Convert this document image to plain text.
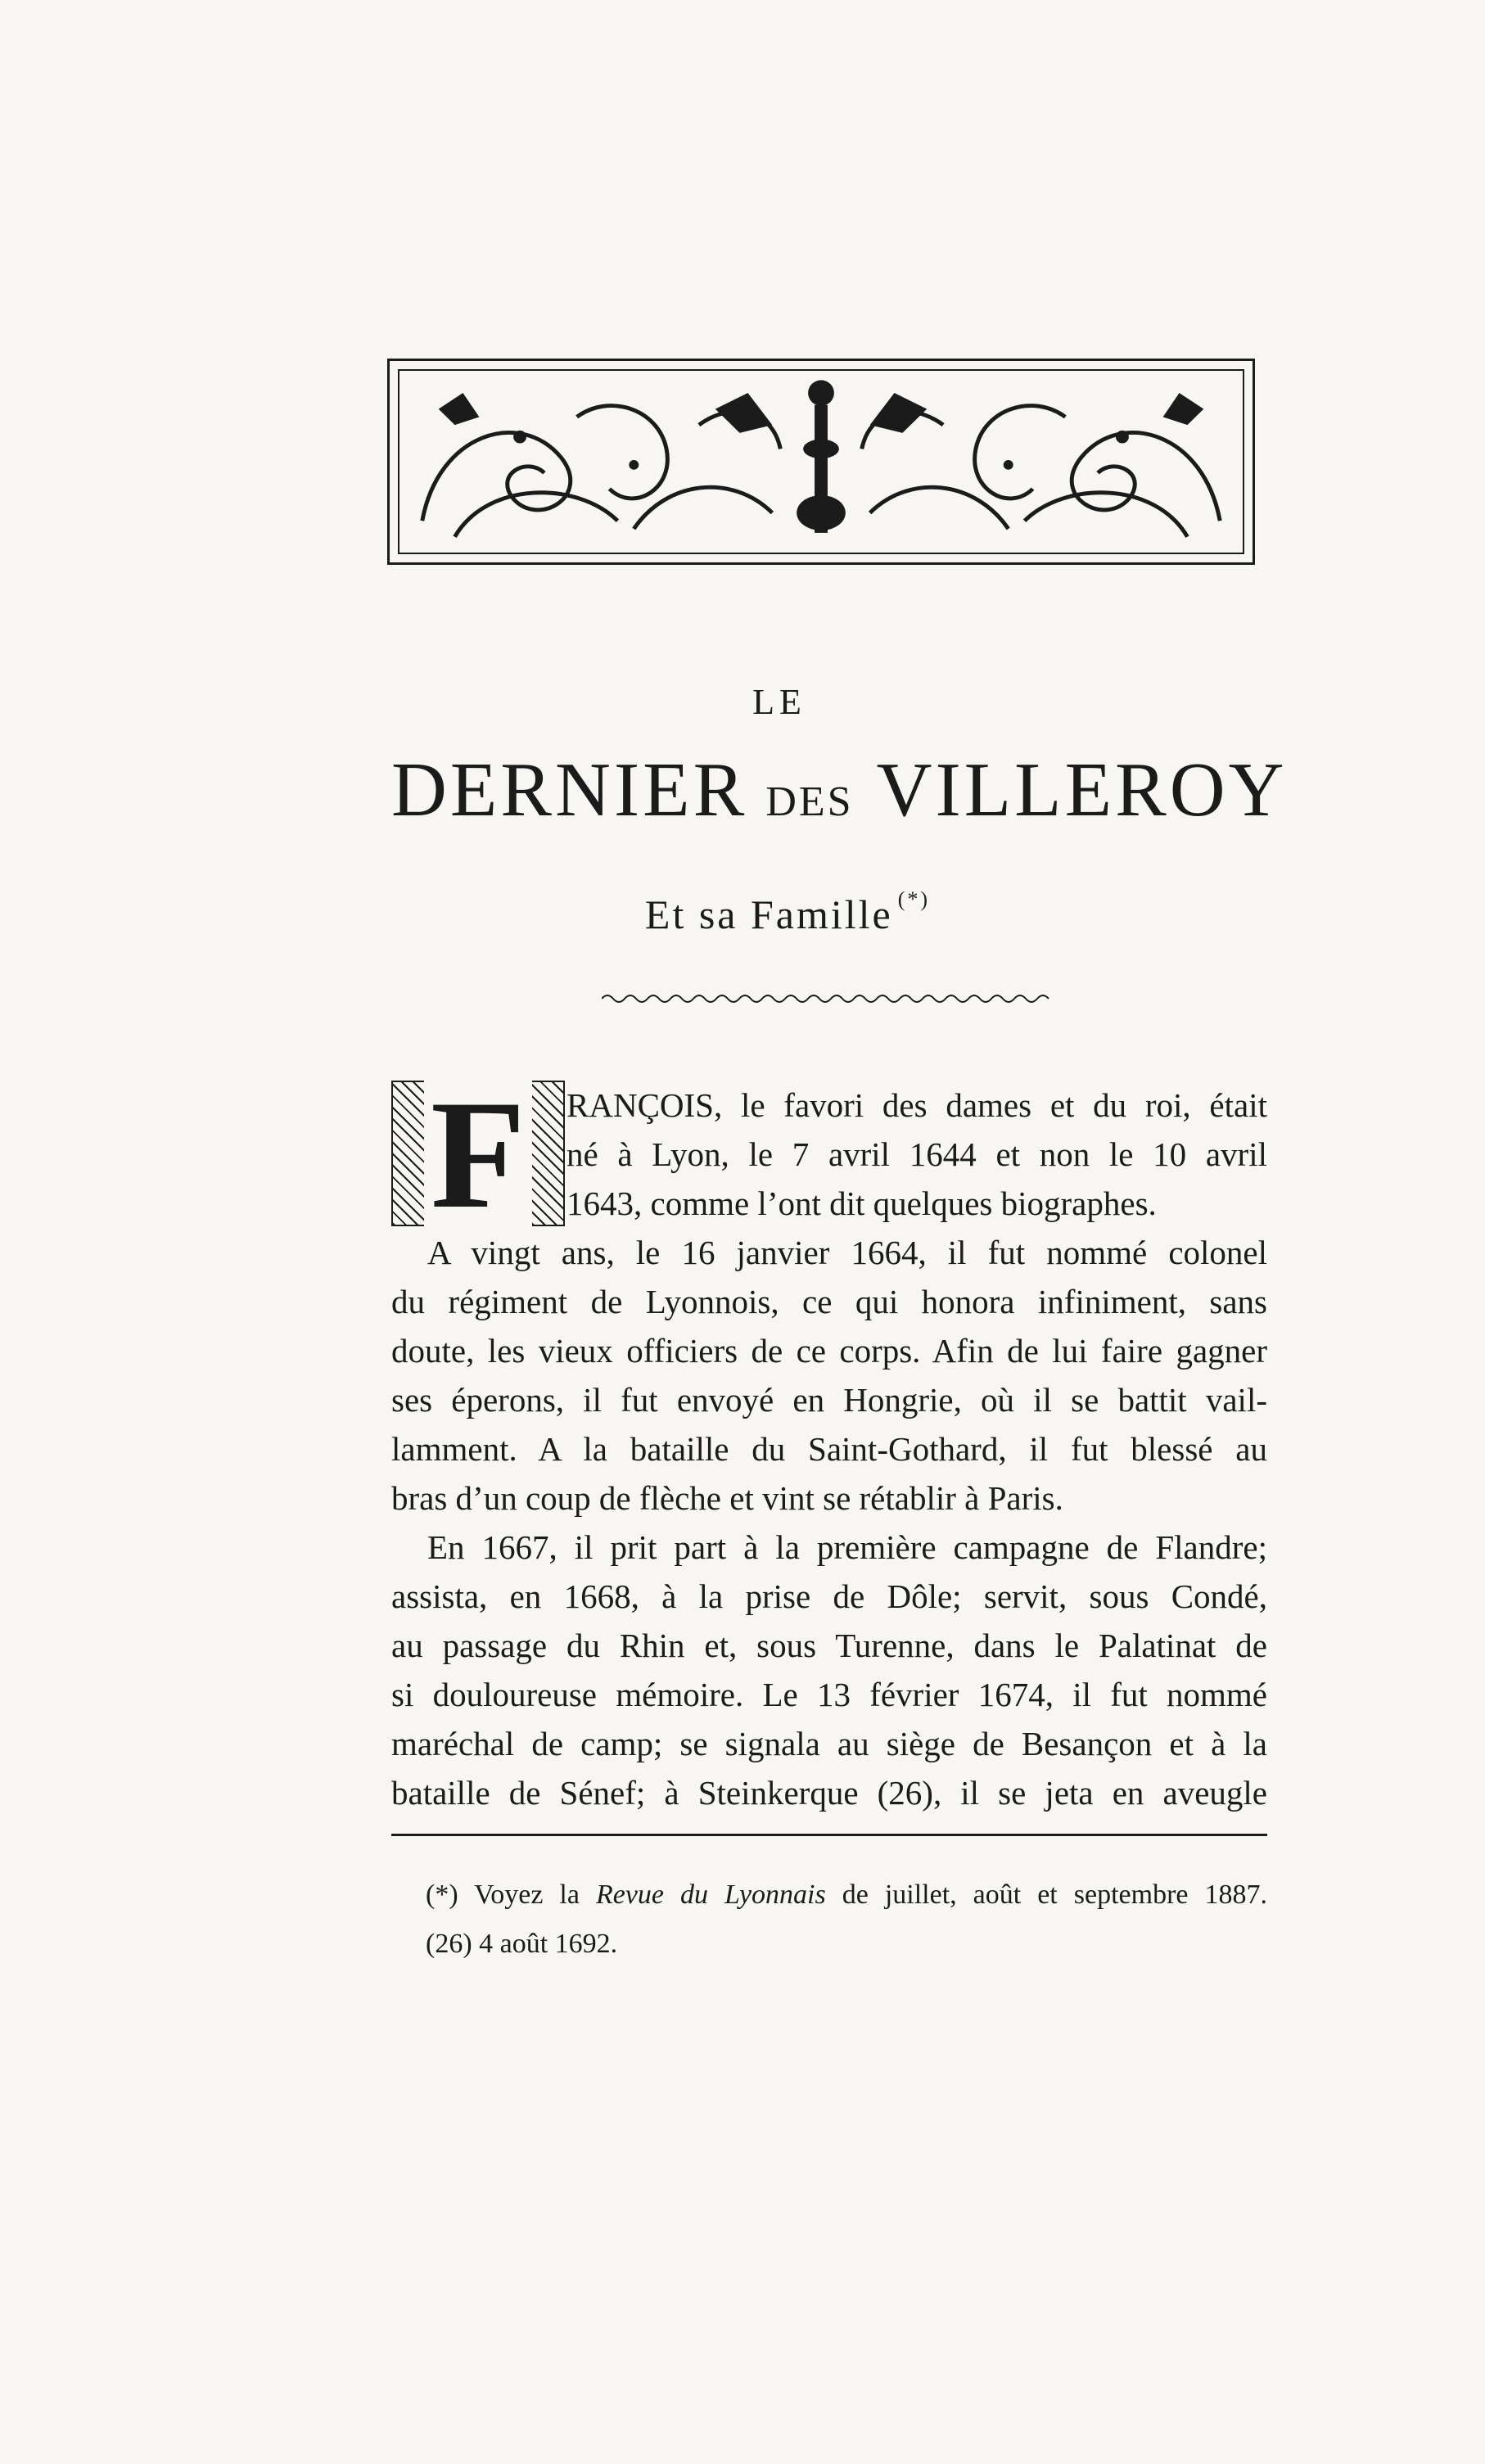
LE
DERNIER DES VILLEROY
Et sa Famille (*)
F RANÇOIS, le favori des dames et du roi, était
né à Lyon, le 7 avril 1644 et non le 10 avril
1643, comme l’ont dit quelques biographes.
A vingt ans, le 16 janvier 1664, il fut nommé colonel
du régiment de Lyonnois, ce qui honora infiniment, sans
doute, les vieux officiers de ce corps. Afin de lui faire gagner
ses éperons, il fut envoyé en Hongrie, où il se battit vail-
lamment. A la bataille du Saint-Gothard, il fut blessé au
bras d’un coup de flèche et vint se rétablir à Paris.
En 1667, il prit part à la première campagne de Flandre;
assista, en 1668, à la prise de Dôle; servit, sous Condé,
au passage du Rhin et, sous Turenne, dans le Palatinat de
si douloureuse mémoire. Le 13 février 1674, il fut nommé
maréchal de camp; se signala au siège de Besançon et à la
bataille de Sénef; à Steinkerque (26), il se jeta en aveugle
(*) Voyez la Revue du Lyonnais de juillet, août et septembre 1887.
(26) 4 août 1692.
